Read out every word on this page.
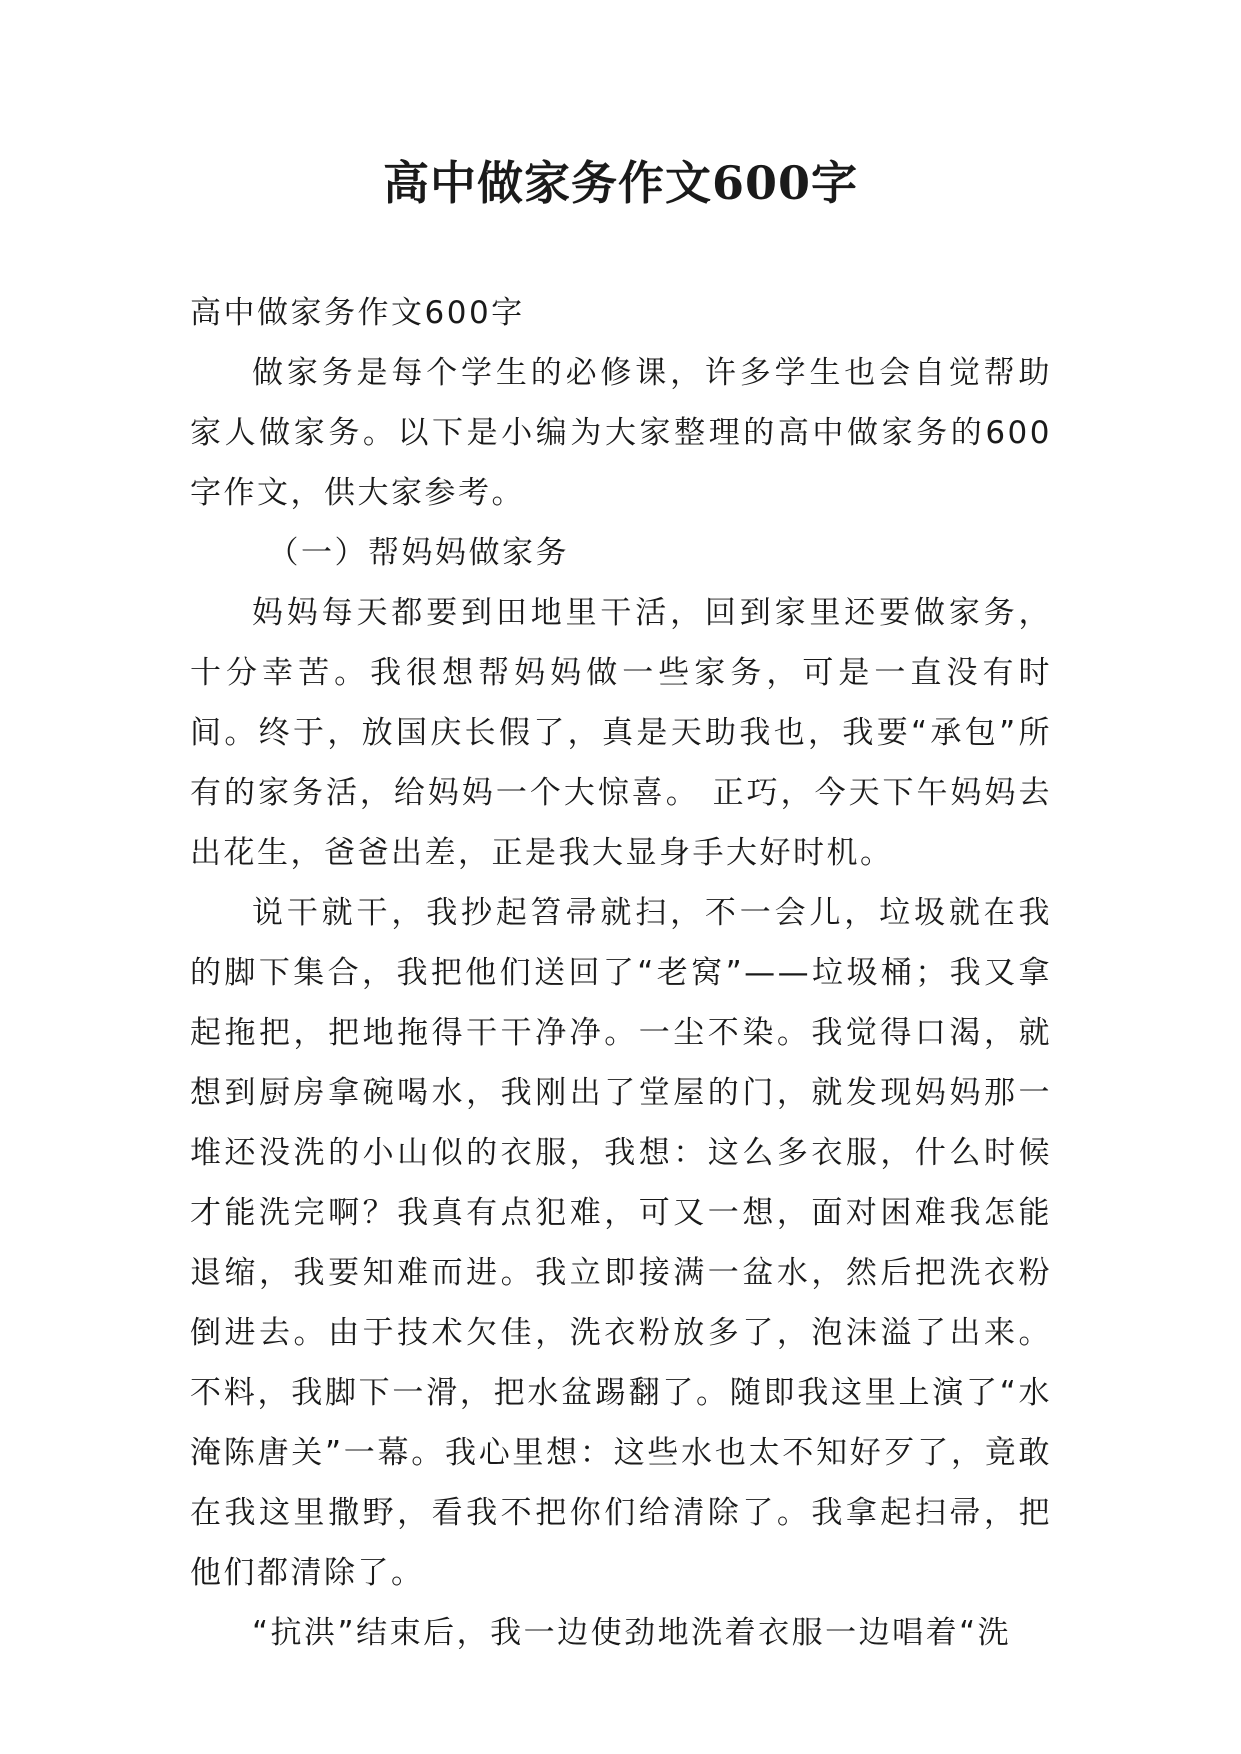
高中做家务作文600字

高中做家务作文600字

做家务是每个学生的必修课，许多学生也会自觉帮助家人做家务。以下是小编为大家整理的高中做家务的600字作文，供大家参考。

（一）帮妈妈做家务

妈妈每天都要到田地里干活，回到家里还要做家务，十分幸苦。我很想帮妈妈做一些家务，可是一直没有时间。终于，放国庆长假了，真是天助我也，我要“承包”所有的家务活，给妈妈一个大惊喜。 正巧，今天下午妈妈去出花生，爸爸出差，正是我大显身手大好时机。

说干就干，我抄起笤帚就扫，不一会儿，垃圾就在我的脚下集合，我把他们送回了“老窝”——垃圾桶；我又拿起拖把，把地拖得干干净净。一尘不染。我觉得口渴，就想到厨房拿碗喝水，我刚出了堂屋的门，就发现妈妈那一堆还没洗的小山似的衣服，我想：这么多衣服，什么时候才能洗完啊？我真有点犯难，可又一想，面对困难我怎能退缩，我要知难而进。我立即接满一盆水，然后把洗衣粉倒进去。由于技术欠佳，洗衣粉放多了，泡沫溢了出来。不料，我脚下一滑，把水盆踢翻了。随即我这里上演了“水淹陈唐关”一幕。我心里想：这些水也太不知好歹了，竟敢在我这里撒野，看我不把你们给清除了。我拿起扫帚，把他们都清除了。

“抗洪”结束后，我一边使劲地洗着衣服一边唱着“洗
